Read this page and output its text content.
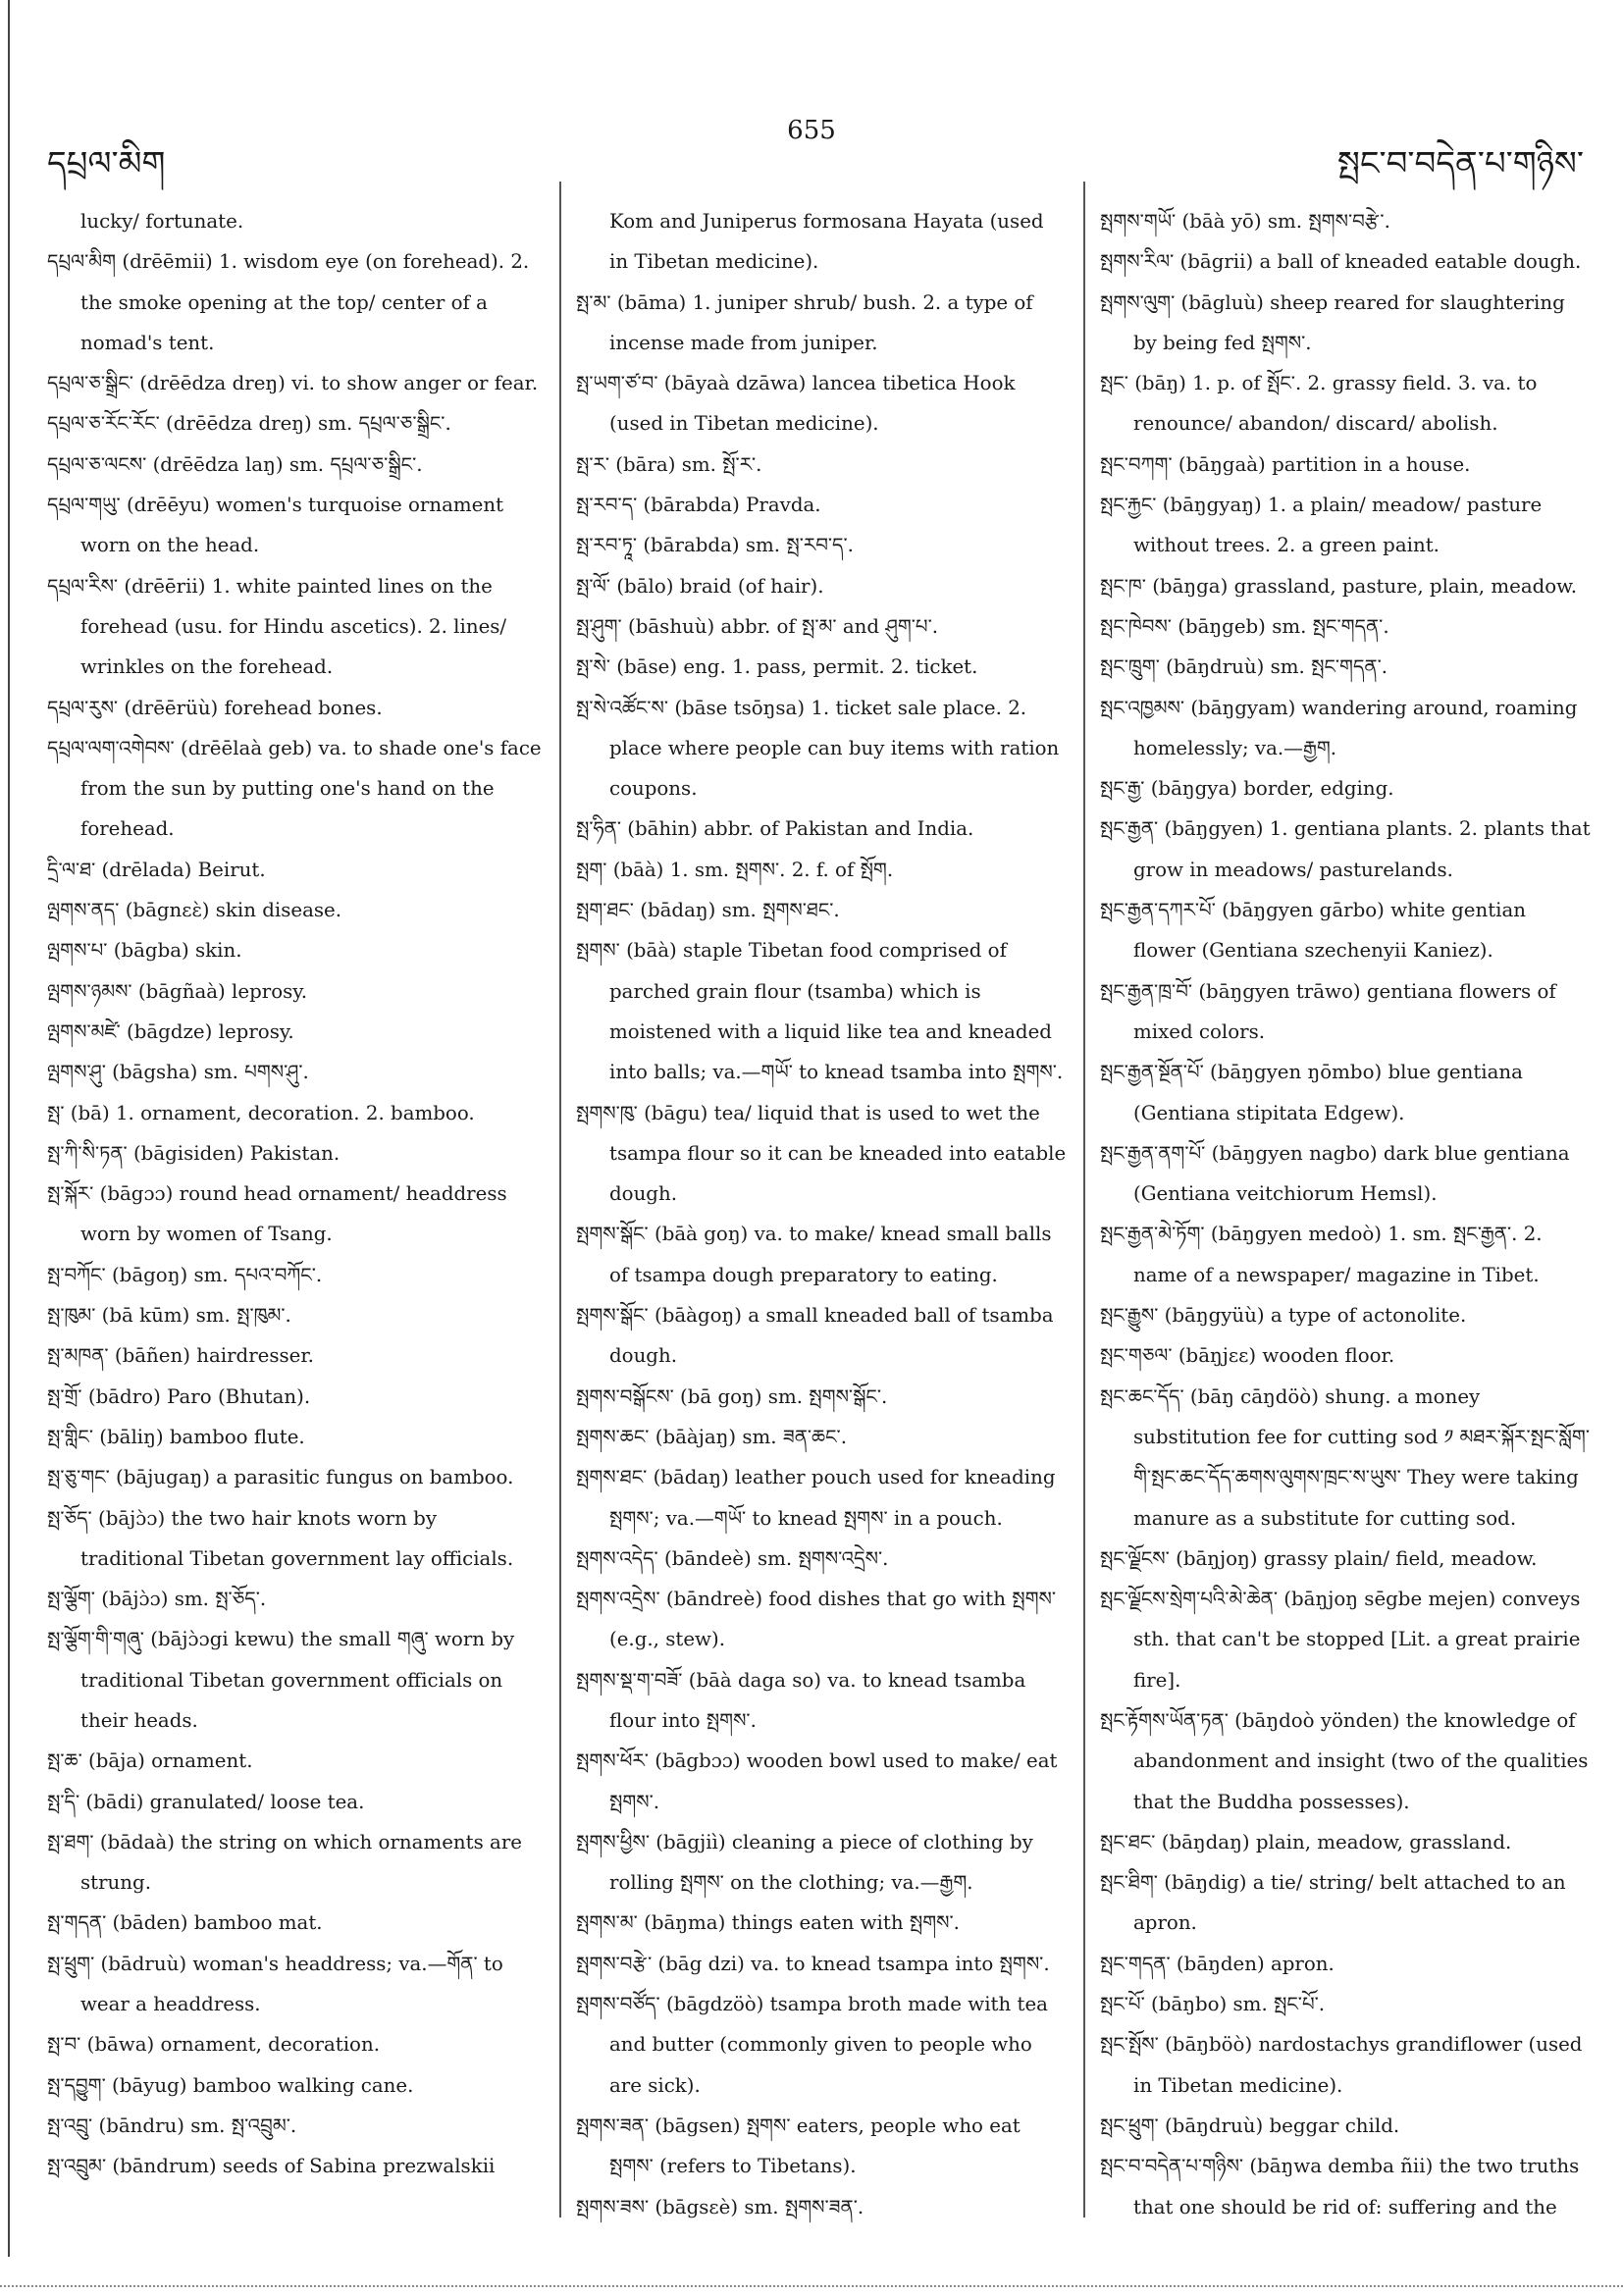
དཔྲལ་མིག
655
སྤང་བ་བདེན་པ་གཉིས་
lucky/ fortunate.
དཔྲལ་མིག (drēēmii) 1. wisdom eye (on forehead). 2. the smoke opening at the top/ center of a nomad's tent.
དཔྲལ་ཅ་སྒྲིང་ (drēēdza dreŋ) vi. to show anger or fear.
དཔྲལ་ཅ་རོང་རོང་ (drēēdza dreŋ) sm. དཔྲལ་ཅ་སྒྲིང་.
དཔྲལ་ཅ་ལངས་ (drēēdza laŋ) sm. དཔྲལ་ཅ་སྒྲིང་.
དཔྲལ་གཡུ་ (drēēyu) women's turquoise ornament worn on the head.
དཔྲལ་རིས་ (drēērii) 1. white painted lines on the forehead (usu. for Hindu ascetics). 2. lines/ wrinkles on the forehead.
དཔྲལ་རུས་ (drēērüù) forehead bones.
དཔྲལ་ལག་འགེབས་ (drēēlaà geb) va. to shade one's face from the sun by putting one's hand on the forehead.
དྲི་ལ་ཐ་ (drēlada) Beirut.
ལྤགས་ནད་ (bāgnɛɛ̀) skin disease.
ལྤགས་པ་ (bāgba) skin.
ལྤགས་ཉམས་ (bāgñaà) leprosy.
ལྤགས་མཛེ་ (bāgdze) leprosy.
ལྤགས་ཤུ་ (bāgsha) sm. པགས་ཤུ་.
སྤ་ (bā) 1. ornament, decoration. 2. bamboo.
སྤ་ཀི་སི་ཏན་ (bāgisiden) Pakistan.
སྤ་སྐོར་ (bāgɔɔ) round head ornament/ headdress worn by women of Tsang.
སྤ་བཀོང་ (bāgoŋ) sm. དཔའ་བཀོང་.
སྤ་ཁུམ་ (bā kūm) sm. སྤ་ཁུམ་.
སྤ་མཁན་ (bāñen) hairdresser.
སྤ་གྲོ་ (bādro) Paro (Bhutan).
སྤ་གླིང་ (bāliŋ) bamboo flute.
སྤ་ཅུ་གང་ (bājugaŋ) a parasitic fungus on bamboo.
སྤ་ཅོད་ (bājɔ̀ɔ) the two hair knots worn by traditional Tibetan government lay officials.
སྤ་ལྕོག་ (bājɔ̀ɔ) sm. སྤ་ཅོད་.
སྤ་ལྕོག་གི་གཞུ་ (bājɔ̀ɔgi kɐwu) the small གཞུ་ worn by traditional Tibetan government officials on their heads.
སྤ་ཆ་ (bāja) ornament.
སྤ་དི་ (bādi) granulated/ loose tea.
སྤ་ཐག་ (bādaà) the string on which ornaments are strung.
སྤ་གདན་ (bāden) bamboo mat.
སྤ་ཕྲུག་ (bādruù) woman's headdress; va.—གོན་ to wear a headdress.
སྤ་བ་ (bāwa) ornament, decoration.
སྤ་དབྱུག་ (bāyug) bamboo walking cane.
སྤ་འབྲུ་ (bāndru) sm. སྤ་འབྲུམ་.
སྤ་འབྲུམ་ (bāndrum) seeds of Sabina prezwalskii
Kom and Juniperus formosana Hayata (used in Tibetan medicine).
སྤ་མ་ (bāma) 1. juniper shrub/ bush. 2. a type of incense made from juniper.
སྤ་ཡག་ཙ་བ་ (bāyaà dzāwa) lancea tibetica Hook (used in Tibetan medicine).
སྤ་ར་ (bāra) sm. སྤོ་ར་.
སྤ་རབ་ད་ (bārabda) Pravda.
སྤ་རབ་ཏཱ་ (bārabda) sm. སྤ་རབ་ད་.
སྤ་ལོ་ (bālo) braid (of hair).
སྤ་ཤུག་ (bāshuù) abbr. of སྤ་མ་ and ཤུག་པ་.
སྤ་སེ་ (bāse) eng. 1. pass, permit. 2. ticket.
སྤ་སེ་འཚོང་ས་ (bāse tsōŋsa) 1. ticket sale place. 2. place where people can buy items with ration coupons.
སྤ་ཧིན་ (bāhin) abbr. of Pakistan and India.
སྤག་ (bāà) 1. sm. སྤགས་. 2. f. of སྤོག.
སྤག་ཐང་ (bādaŋ) sm. སྤགས་ཐང་.
སྤགས་ (bāà) staple Tibetan food comprised of parched grain flour (tsamba) which is moistened with a liquid like tea and kneaded into balls; va.—གཡོ་ to knead tsamba into སྤགས་.
སྤགས་ཁུ་ (bāgu) tea/ liquid that is used to wet the tsampa flour so it can be kneaded into eatable dough.
སྤགས་སྒོང་ (bāà goŋ) va. to make/ knead small balls of tsampa dough preparatory to eating.
སྤགས་སྒོང་ (bāàgoŋ) a small kneaded ball of tsamba dough.
སྤགས་བསྒོངས་ (bā goŋ) sm. སྤགས་སྒོང་.
སྤགས་ཆང་ (bāàjaŋ) sm. ཟན་ཆང་.
སྤགས་ཐང་ (bādaŋ) leather pouch used for kneading སྤགས་; va.—གཡོ་ to knead སྤགས་ in a pouch.
སྤགས་འདེད་ (bāndeè) sm. སྤགས་འདྲེས་.
སྤགས་འདྲེས་ (bāndreè) food dishes that go with སྤགས་ (e.g., stew).
སྤགས་སྡ་ག་བཟོ་ (bāà daga so) va. to knead tsamba flour into སྤགས་.
སྤགས་ཕོར་ (bāgbɔɔ) wooden bowl used to make/ eat སྤགས་.
སྤགས་ཕྱིས་ (bāgjiì) cleaning a piece of clothing by rolling སྤགས་ on the clothing; va.—རྒྱག.
སྤགས་མ་ (bāŋma) things eaten with སྤགས་.
སྤགས་བརྩེ་ (bāg dzi) va. to knead tsampa into སྤགས་.
སྤགས་བཙོད་ (bāgdzöò) tsampa broth made with tea and butter (commonly given to people who are sick).
སྤགས་ཟན་ (bāgsen) སྤགས་ eaters, people who eat སྤགས་ (refers to Tibetans).
སྤགས་ཟས་ (bāgsɛè) sm. སྤགས་ཟན་.
སྤགས་གཡོ་ (bāà yō) sm. སྤགས་བརྩེ་.
སྤགས་རིལ་ (bāgrii) a ball of kneaded eatable dough.
སྤགས་ལུག་ (bāgluù) sheep reared for slaughtering by being fed སྤགས་.
སྤང་ (bāŋ) 1. p. of སྤོང་. 2. grassy field. 3. va. to renounce/ abandon/ discard/ abolish.
སྤང་བཀག་ (bāŋgaà) partition in a house.
སྤང་རྐྱང་ (bāŋgyaŋ) 1. a plain/ meadow/ pasture without trees. 2. a green paint.
སྤང་ཁ་ (bāŋga) grassland, pasture, plain, meadow.
སྤང་ཁེབས་ (bāŋgeb) sm. སྤང་གདན་.
སྤང་ཁྲུག་ (bāŋdruù) sm. སྤང་གདན་.
སྤང་འཁྱམས་ (bāŋgyam) wandering around, roaming homelessly; va.—རྒྱག.
སྤང་རྒྱ་ (bāŋgya) border, edging.
སྤང་རྒྱན་ (bāŋgyen) 1. gentiana plants. 2. plants that grow in meadows/ pasturelands.
སྤང་རྒྱན་དཀར་པོ་ (bāŋgyen gārbo) white gentian flower (Gentiana szechenyii Kaniez).
སྤང་རྒྱན་ཁྲ་བོ་ (bāŋgyen trāwo) gentiana flowers of mixed colors.
སྤང་རྒྱན་སྔོན་པོ་ (bāŋgyen ŋōmbo) blue gentiana (Gentiana stipitata Edgew).
སྤང་རྒྱན་ནག་པོ་ (bāŋgyen nagbo) dark blue gentiana (Gentiana veitchiorum Hemsl).
སྤང་རྒྱན་མེ་ཏོག་ (bāŋgyen medoò) 1. sm. སྤང་རྒྱན་. 2. name of a newspaper/ magazine in Tibet.
སྤང་རྒྱུས་ (bāŋgyüù) a type of actonolite.
སྤང་གཅལ་ (bāŋjɛɛ) wooden floor.
སྤང་ཆང་དོད་ (bāŋ cāŋdöò) shung. a money substitution fee for cutting sod ༡ མཐར་སྐོར་སྤང་སློག་གི་སྤང་ཆང་དོད་ཆགས་ལུགས་ཁྲང་ས་ཡུས་ They were taking manure as a substitute for cutting sod.
སྤང་ལྗོངས་ (bāŋjoŋ) grassy plain/ field, meadow.
སྤང་ལྗོངས་སྲེག་པའི་མེ་ཆེན་ (bāŋjoŋ sēgbe mejen) conveys sth. that can't be stopped [Lit. a great prairie fire].
སྤང་རྟོགས་ཡོན་ཏན་ (bāŋdoò yönden) the knowledge of abandonment and insight (two of the qualities that the Buddha possesses).
སྤང་ཐང་ (bāŋdaŋ) plain, meadow, grassland.
སྤང་ཐིག་ (bāŋdig) a tie/ string/ belt attached to an apron.
སྤང་གདན་ (bāŋden) apron.
སྤང་པོ་ (bāŋbo) sm. སྤང་པོ་.
སྤང་སྤོས་ (bāŋböò) nardostachys grandiflower (used in Tibetan medicine).
སྤང་ཕྲུག་ (bāŋdruù) beggar child.
སྤང་བ་བདེན་པ་གཉིས་ (bāŋwa demba ñii) the two truths that one should be rid of: suffering and the
